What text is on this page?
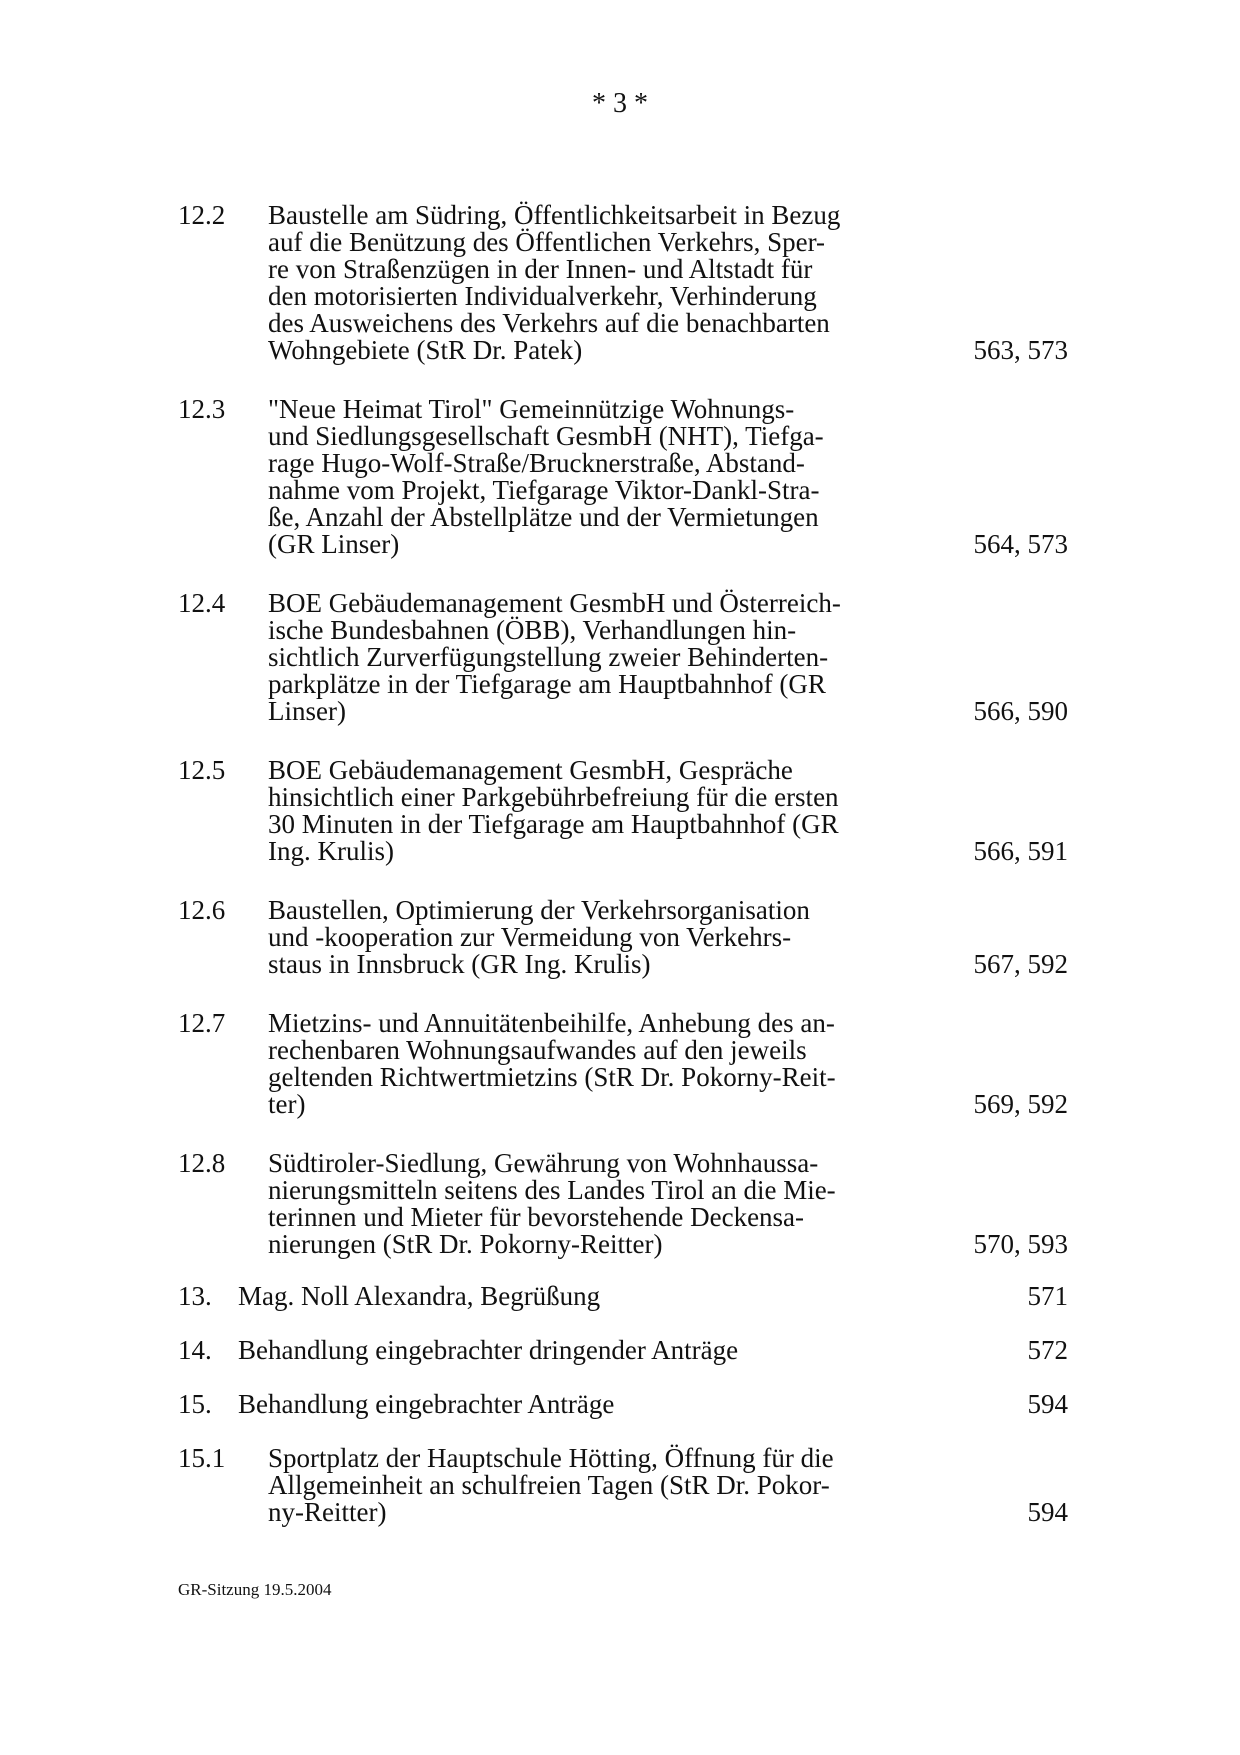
* 3 *
12.2 Baustelle am Südring, Öffentlichkeitsarbeit in Bezug
auf die Benützung des Öffentlichen Verkehrs, Sper-
re von Straßenzügen in der Innen- und Altstadt für
den motorisierten Individualverkehr, Verhinderung
des Ausweichens des Verkehrs auf die benachbarten
Wohngebiete (StR Dr. Patek)	563, 573
12.3 "Neue Heimat Tirol" Gemeinnützige Wohnungs-
und Siedlungsgesellschaft GesmbH (NHT), Tiefga-
rage Hugo-Wolf-Straße/Brucknerstraße, Abstand-
nahme vom Projekt, Tiefgarage Viktor-Dankl-Stra-
ße, Anzahl der Abstellplätze und der Vermietungen
(GR Linser)	564, 573
12.4 BOE Gebäudemanagement GesmbH und Österreich-
ische Bundesbahnen (ÖBB), Verhandlungen hin-
sichtlich Zurverfügungstellung zweier Behinderten-
parkplätze in der Tiefgarage am Hauptbahnhof (GR
Linser)	566, 590
12.5 BOE Gebäudemanagement GesmbH, Gespräche
hinsichtlich einer Parkgebührbefreiung für die ersten
30 Minuten in der Tiefgarage am Hauptbahnhof (GR
Ing. Krulis)	566, 591
12.6 Baustellen, Optimierung der Verkehrsorganisation
und -kooperation zur Vermeidung von Verkehrs-
staus in Innsbruck (GR Ing. Krulis)	567, 592
12.7 Mietzins- und Annuitätenbeihilfe, Anhebung des an-
rechenbaren Wohnungsaufwandes auf den jeweils
geltenden Richtwertmietzins (StR Dr. Pokorny-Reit-
ter)	569, 592
12.8 Südtiroler-Siedlung, Gewährung von Wohnhaussa-
nierungsmitteln seitens des Landes Tirol an die Mie-
terinnen und Mieter für bevorstehende Deckensa-
nierungen (StR Dr. Pokorny-Reitter)	570, 593
13. Mag. Noll Alexandra, Begrüßung	571
14. Behandlung eingebrachter dringender Anträge	572
15. Behandlung eingebrachter Anträge	594
15.1 Sportplatz der Hauptschule Hötting, Öffnung für die
Allgemeinheit an schulfreien Tagen (StR Dr. Pokor-
ny-Reitter)	594
GR-Sitzung 19.5.2004
